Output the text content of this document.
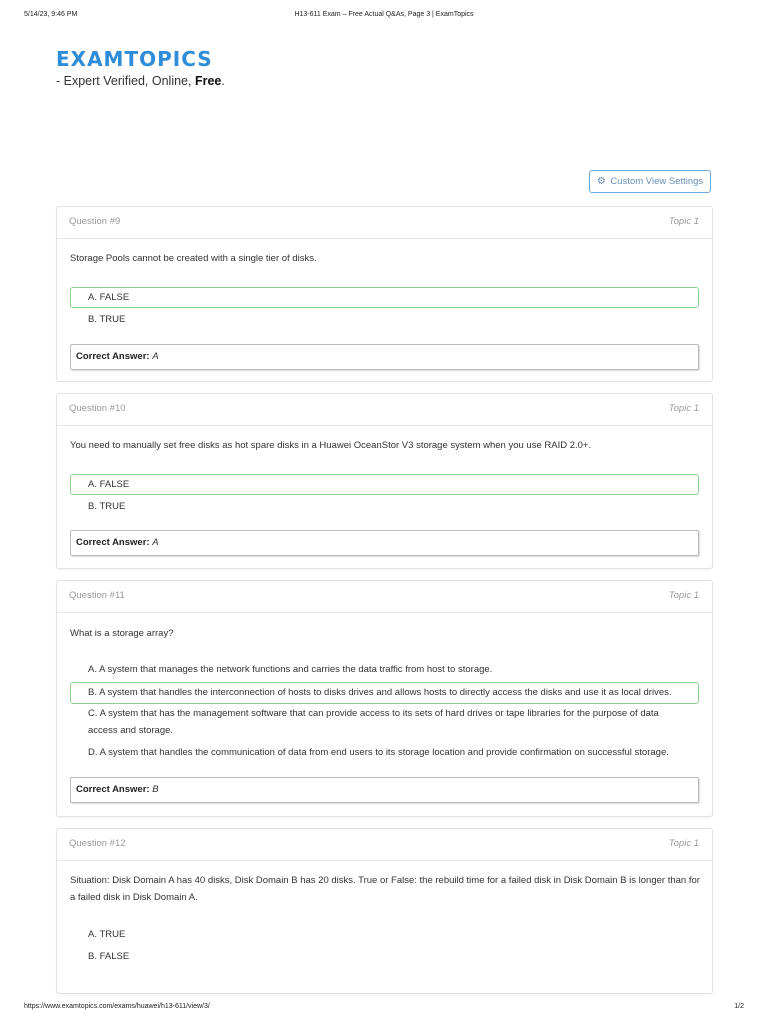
5/14/23, 9:46 PM	H13-611 Exam – Free Actual Q&As, Page 3 | ExamTopics
EXAMTOPICS
- Expert Verified, Online, Free.
⚙ Custom View Settings
Question #9	Topic 1
Storage Pools cannot be created with a single tier of disks.
A. FALSE
B. TRUE
Correct Answer: A
Question #10	Topic 1
You need to manually set free disks as hot spare disks in a Huawei OceanStor V3 storage system when you use RAID 2.0+.
A. FALSE
B. TRUE
Correct Answer: A
Question #11	Topic 1
What is a storage array?
A. A system that manages the network functions and carries the data traffic from host to storage.
B. A system that handles the interconnection of hosts to disks drives and allows hosts to directly access the disks and use it as local drives.
C. A system that has the management software that can provide access to its sets of hard drives or tape libraries for the purpose of data access and storage.
D. A system that handles the communication of data from end users to its storage location and provide confirmation on successful storage.
Correct Answer: B
Question #12	Topic 1
Situation: Disk Domain A has 40 disks, Disk Domain B has 20 disks. True or False: the rebuild time for a failed disk in Disk Domain B is longer than for a failed disk in Disk Domain A.
A. TRUE
B. FALSE
https://www.examtopics.com/exams/huawei/h13-611/view/3/	1/2
